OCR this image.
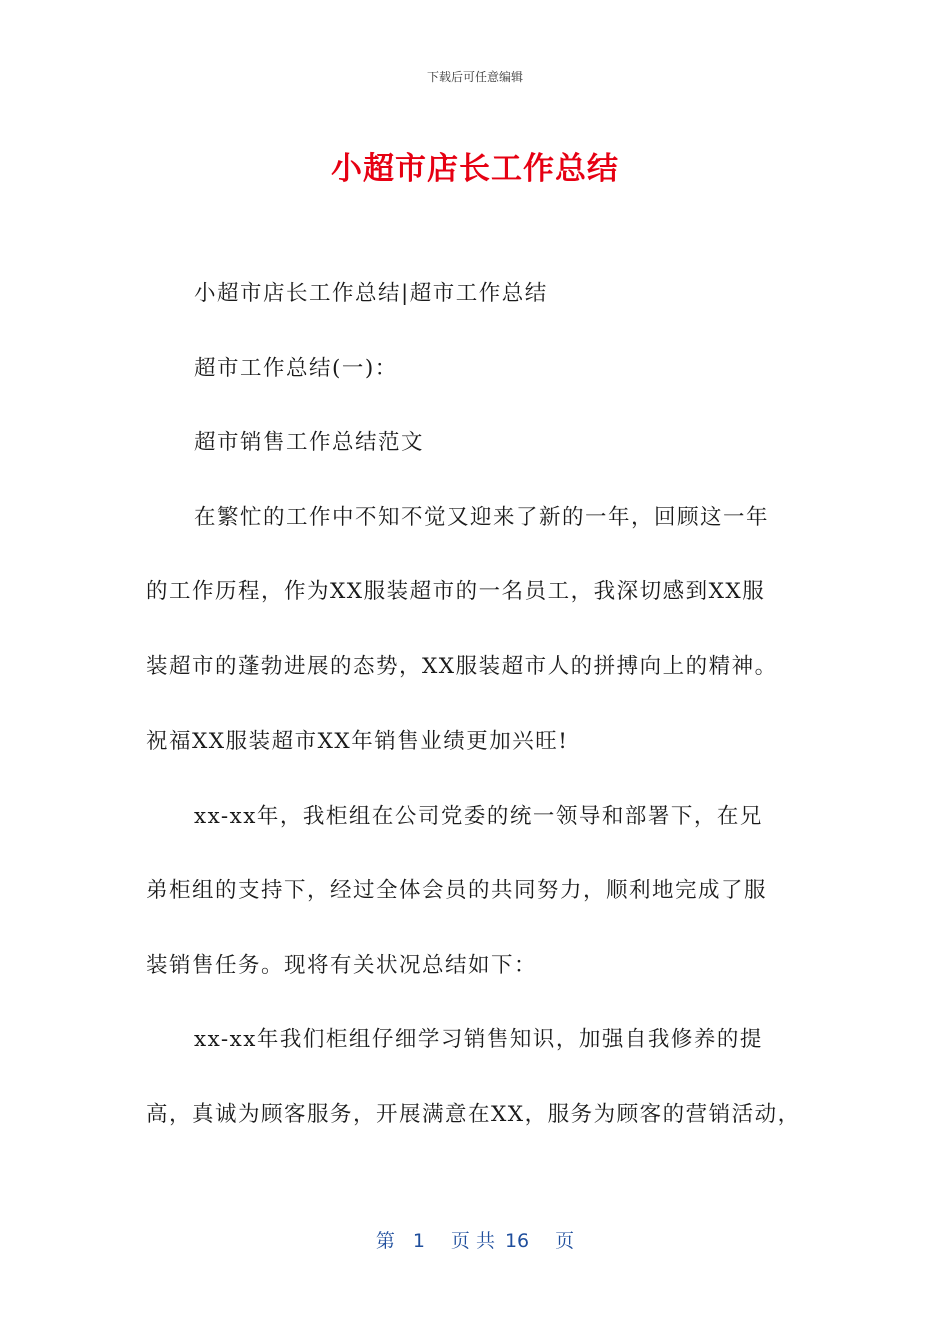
下载后可任意编辑
小超市店长工作总结
小超市店长工作总结|超市工作总结
超市工作总结(一)：
超市销售工作总结范文
在繁忙的工作中不知不觉又迎来了新的一年，回顾这一年
的工作历程，作为XX服装超市的一名员工，我深切感到XX服
装超市的蓬勃进展的态势，XX服装超市人的拼搏向上的精神。
祝福XX服装超市XX年销售业绩更加兴旺!
xx-xx年，我柜组在公司党委的统一领导和部署下，在兄
弟柜组的支持下，经过全体会员的共同努力，顺利地完成了服
装销售任务。现将有关状况总结如下：
xx-xx年我们柜组仔细学习销售知识，加强自我修养的提
高，真诚为顾客服务，开展满意在XX，服务为顾客的营销活动，
第 1 页 共 16 页
